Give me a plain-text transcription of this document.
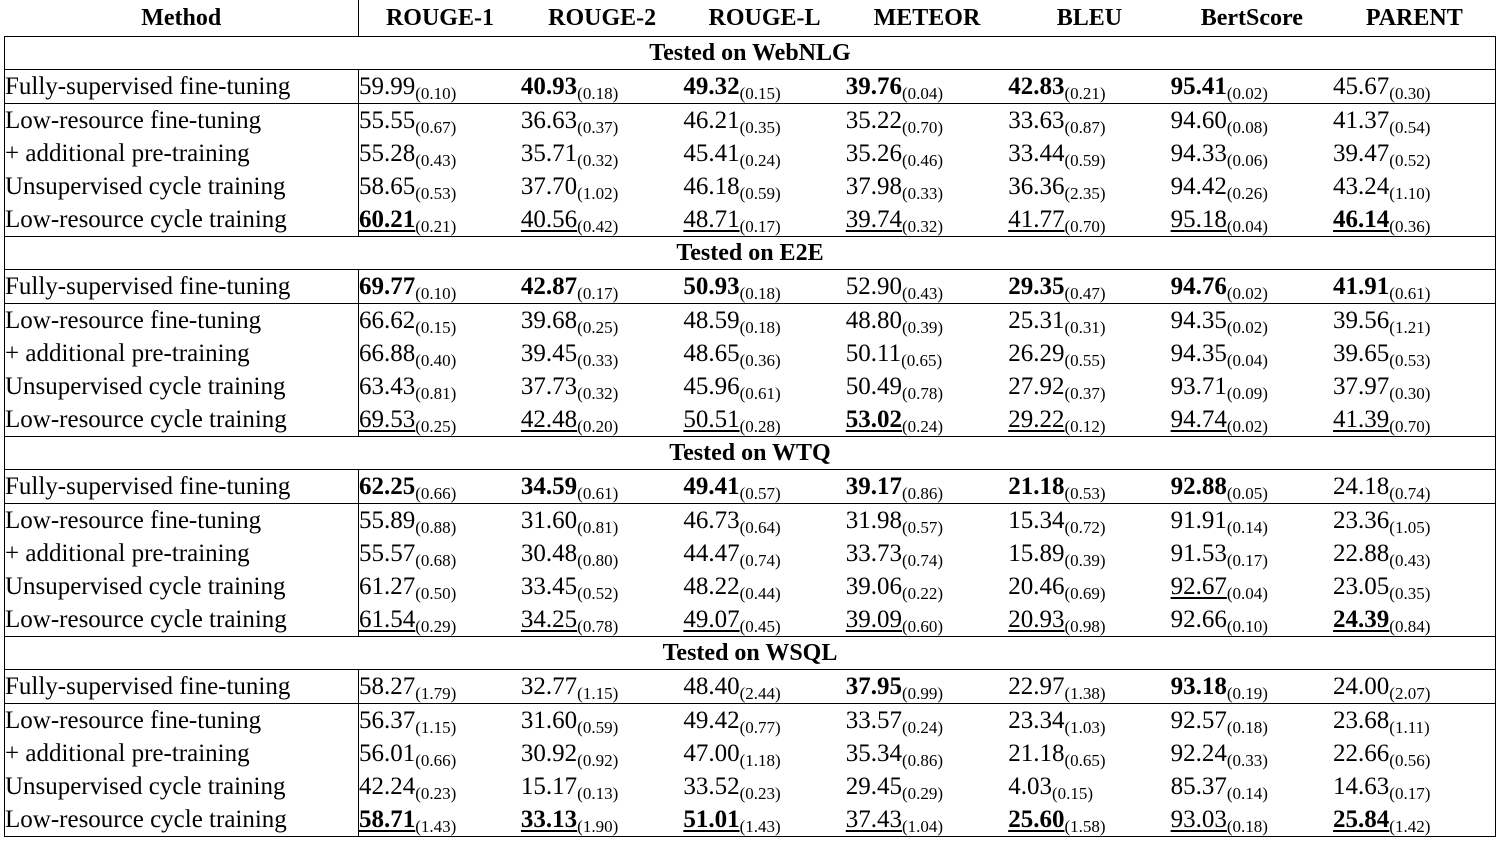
Method	ROUGE-1	ROUGE-2	ROUGE-L	METEOR	BLEU	BertScore	PARENT
Tested on WebNLG							
Fully-supervised fine-tuning	$59.99_{(0.10)}$	$40.93_{(0.18)}$	$49.32_{(0.15)}$	$39.76_{(0.04)}$	$42.83_{(0.21)}$	$95.41_{(0.02)}$	$45.67_{(0.30)}$
Low-resource fine-tuning	$55.55_{(0.67)}$	$36.63_{(0.37)}$	$46.21_{(0.35)}$	$35.22_{(0.70)}$	$33.63_{(0.87)}$	$94.60_{(0.08)}$	$41.37_{(0.54)}$
+ additional pre-training	$55.28_{(0.43)}$	$35.71_{(0.32)}$	$45.41_{(0.24)}$	$35.26_{(0.46)}$	$33.44_{(0.59)}$	$94.33_{(0.06)}$	$39.47_{(0.52)}$
Unsupervised cycle training	$58.65_{(0.53)}$	$37.70_{(1.02)}$	$46.18_{(0.59)}$	$37.98_{(0.33)}$	$36.36_{(2.35)}$	$94.42_{(0.26)}$	$43.24_{(1.10)}$
Low-resource cycle training	$60.21_{(0.21)}$	$40.56_{(0.42)}$	$48.71_{(0.17)}$	$39.74_{(0.32)}$	$41.77_{(0.70)}$	$95.18_{(0.04)}$	$46.14_{(0.36)}$
Tested on E2E							
Fully-supervised fine-tuning	$69.77_{(0.10)}$	$42.87_{(0.17)}$	$50.93_{(0.18)}$	$52.90_{(0.43)}$	$29.35_{(0.47)}$	$94.76_{(0.02)}$	$41.91_{(0.61)}$
Low-resource fine-tuning	$66.62_{(0.15)}$	$39.68_{(0.25)}$	$48.59_{(0.18)}$	$48.80_{(0.39)}$	$25.31_{(0.31)}$	$94.35_{(0.02)}$	$39.56_{(1.21)}$
+ additional pre-training	$66.88_{(0.40)}$	$39.45_{(0.33)}$	$48.65_{(0.36)}$	$50.11_{(0.65)}$	$26.29_{(0.55)}$	$94.35_{(0.04)}$	$39.65_{(0.53)}$
Unsupervised cycle training	$63.43_{(0.81)}$	$37.73_{(0.32)}$	$45.96_{(0.61)}$	$50.49_{(0.78)}$	$27.92_{(0.37)}$	$93.71_{(0.09)}$	$37.97_{(0.30)}$
Low-resource cycle training	$69.53_{(0.25)}$	$42.48_{(0.20)}$	$50.51_{(0.28)}$	$53.02_{(0.24)}$	$29.22_{(0.12)}$	$94.74_{(0.02)}$	$41.39_{(0.70)}$
Tested on WTQ							
Fully-supervised fine-tuning	$62.25_{(0.66)}$	$34.59_{(0.61)}$	$49.41_{(0.57)}$	$39.17_{(0.86)}$	$21.18_{(0.53)}$	$92.88_{(0.05)}$	$24.18_{(0.74)}$
Low-resource fine-tuning	$55.89_{(0.88)}$	$31.60_{(0.81)}$	$46.73_{(0.64)}$	$31.98_{(0.57)}$	$15.34_{(0.72)}$	$91.91_{(0.14)}$	$23.36_{(1.05)}$
+ additional pre-training	$55.57_{(0.68)}$	$30.48_{(0.80)}$	$44.47_{(0.74)}$	$33.73_{(0.74)}$	$15.89_{(0.39)}$	$91.53_{(0.17)}$	$22.88_{(0.43)}$
Unsupervised cycle training	$61.27_{(0.50)}$	$33.45_{(0.52)}$	$48.22_{(0.44)}$	$39.06_{(0.22)}$	$20.46_{(0.69)}$	$92.67_{(0.04)}$	$23.05_{(0.35)}$
Low-resource cycle training	$61.54_{(0.29)}$	$34.25_{(0.78)}$	$49.07_{(0.45)}$	$39.09_{(0.60)}$	$20.93_{(0.98)}$	$92.66_{(0.10)}$	$24.39_{(0.84)}$
Tested on WSQL							
Fully-supervised fine-tuning	$58.27_{(1.79)}$	$32.77_{(1.15)}$	$48.40_{(2.44)}$	$37.95_{(0.99)}$	$22.97_{(1.38)}$	$93.18_{(0.19)}$	$24.00_{(2.07)}$
Low-resource fine-tuning	$56.37_{(1.15)}$	$31.60_{(0.59)}$	$49.42_{(0.77)}$	$33.57_{(0.24)}$	$23.34_{(1.03)}$	$92.57_{(0.18)}$	$23.68_{(1.11)}$
+ additional pre-training	$56.01_{(0.66)}$	$30.92_{(0.92)}$	$47.00_{(1.18)}$	$35.34_{(0.86)}$	$21.18_{(0.65)}$	$92.24_{(0.33)}$	$22.66_{(0.56)}$
Unsupervised cycle training	$42.24_{(0.23)}$	$15.17_{(0.13)}$	$33.52_{(0.23)}$	$29.45_{(0.29)}$	$4.03_{(0.15)}$	$85.37_{(0.14)}$	$14.63_{(0.17)}$
Low-resource cycle training	$58.71_{(1.43)}$	$33.13_{(1.90)}$	$51.01_{(1.43)}$	$37.43_{(1.04)}$	$25.60_{(1.58)}$	$93.03_{(0.18)}$	$25.84_{(1.42)}$
